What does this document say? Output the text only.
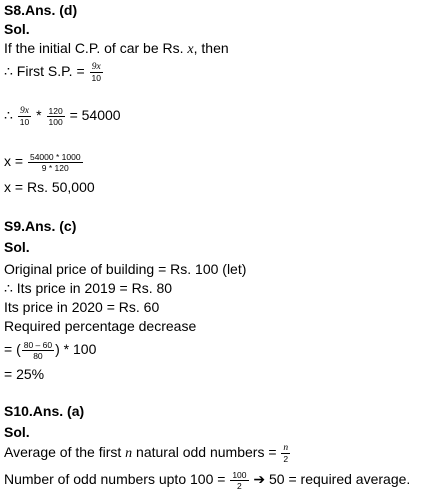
S8.Ans. (d)
Sol.
If the initial C.P. of car be Rs. x, then
∴ First S.P. = $\frac{9x}{10}$
∴ $\frac{9x}{10} * \frac{120}{100} = 54000$
$x = \frac{54000 * 1000}{9 * 120}$
x = Rs. 50,000
S9.Ans. (c)
Sol.
Original price of building = Rs. 100 (let)
∴ Its price in 2019 = Rs. 80
Its price in 2020 = Rs. 60
Required percentage decrease
= ( $\frac{80 - 60}{80}$ ) * 100
= 25%
S10.Ans. (a)
Sol.
Average of the first n natural odd numbers = $\frac{n}{2}$
Number of odd numbers upto $100 = \frac{100}{2}$ ➔ 50 = required average.
